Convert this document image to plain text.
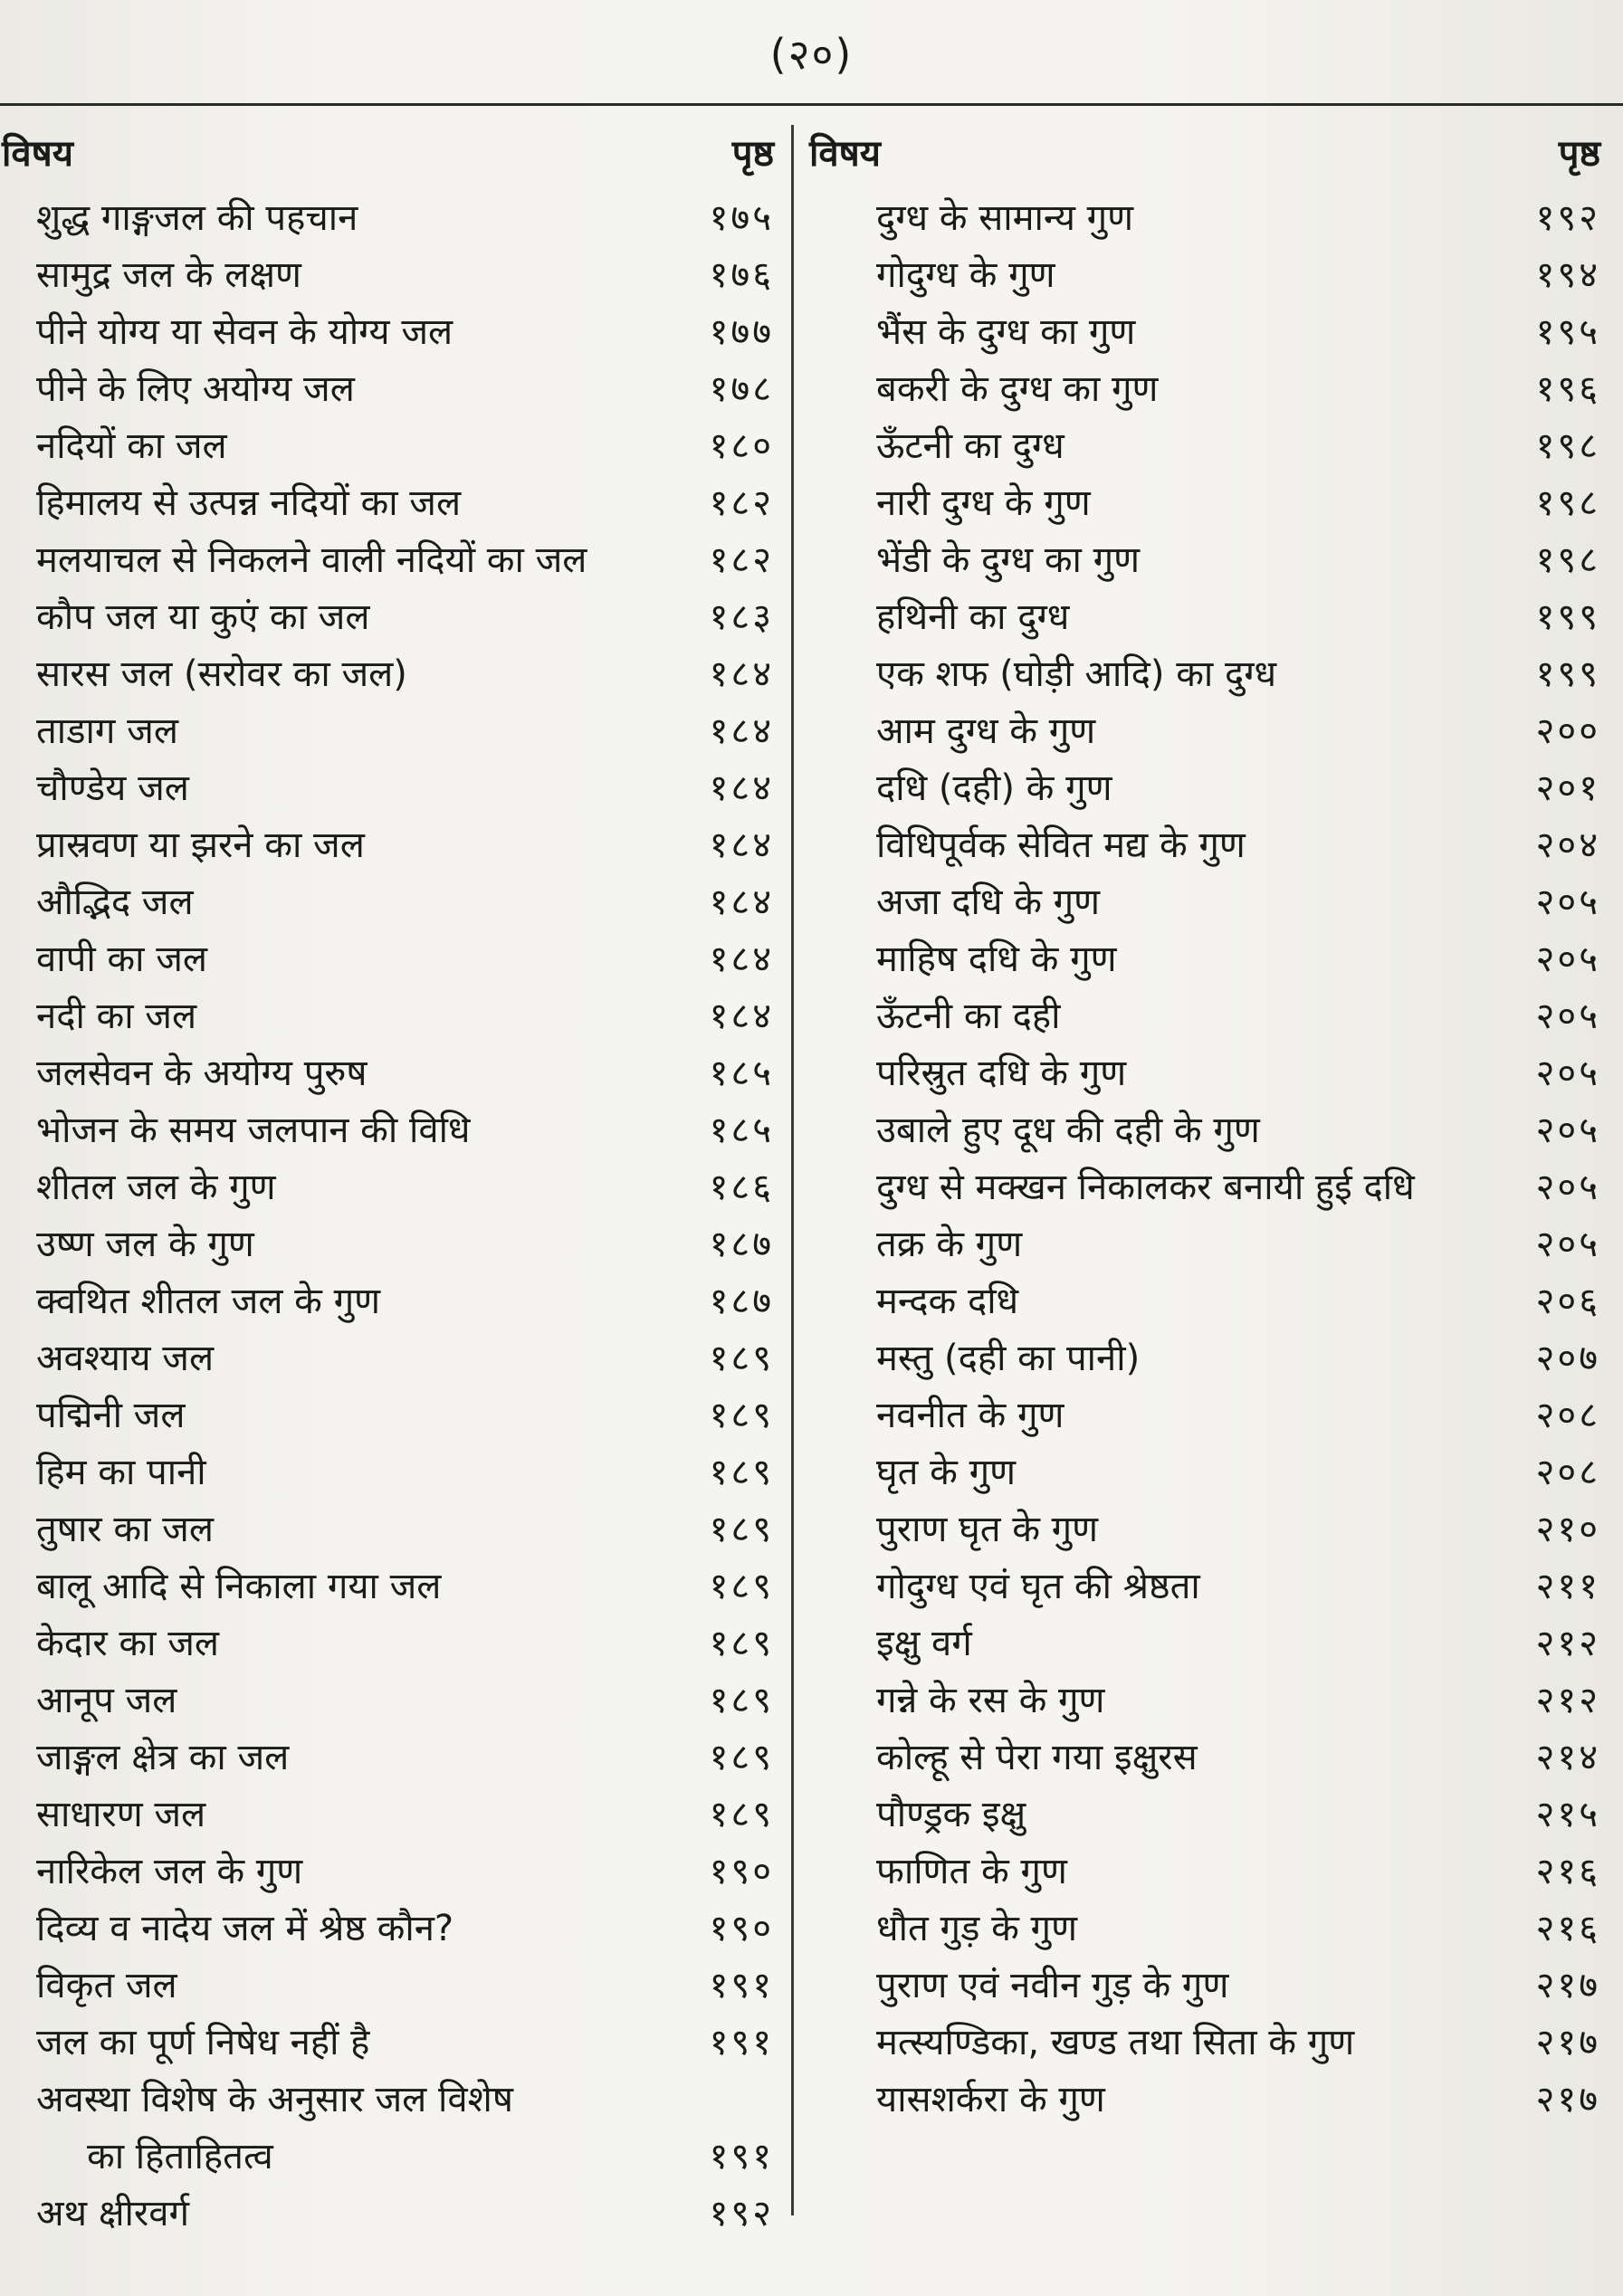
(२०)
विषय	पृष्ठ
शुद्ध गाङ्गजल की पहचान	१७५
सामुद्र जल के लक्षण	१७६
पीने योग्य या सेवन के योग्य जल	१७७
पीने के लिए अयोग्य जल	१७८
नदियों का जल	१८०
हिमालय से उत्पन्न नदियों का जल	१८२
मलयाचल से निकलने वाली नदियों का जल	१८२
कौप जल या कुएं का जल	१८३
सारस जल (सरोवर का जल)	१८४
ताडाग जल	१८४
चौण्डेय जल	१८४
प्रास्रवण या झरने का जल	१८४
औद्भिद जल	१८४
वापी का जल	१८४
नदी का जल	१८४
जलसेवन के अयोग्य पुरुष	१८५
भोजन के समय जलपान की विधि	१८५
शीतल जल के गुण	१८६
उष्ण जल के गुण	१८७
क्वथित शीतल जल के गुण	१८७
अवश्याय जल	१८९
पद्मिनी जल	१८९
हिम का पानी	१८९
तुषार का जल	१८९
बालू आदि से निकाला गया जल	१८९
केदार का जल	१८९
आनूप जल	१८९
जाङ्गल क्षेत्र का जल	१८९
साधारण जल	१८९
नारिकेल जल के गुण	१९०
दिव्य व नादेय जल में श्रेष्ठ कौन?	१९०
विकृत जल	१९१
जल का पूर्ण निषेध नहीं है	१९१
अवस्था विशेष के अनुसार जल विशेष
का हिताहितत्व	१९१
अथ क्षीरवर्ग	१९२
विषय	पृष्ठ
दुग्ध के सामान्य गुण	१९२
गोदुग्ध के गुण	१९४
भैंस के दुग्ध का गुण	१९५
बकरी के दुग्ध का गुण	१९६
ऊँटनी का दुग्ध	१९८
नारी दुग्ध के गुण	१९८
भेंडी के दुग्ध का गुण	१९८
हथिनी का दुग्ध	१९९
एक शफ (घोड़ी आदि) का दुग्ध	१९९
आम दुग्ध के गुण	२००
दधि (दही) के गुण	२०१
विधिपूर्वक सेवित मद्य के गुण	२०४
अजा दधि के गुण	२०५
माहिष दधि के गुण	२०५
ऊँटनी का दही	२०५
परिस्रुत दधि के गुण	२०५
उबाले हुए दूध की दही के गुण	२०५
दुग्ध से मक्खन निकालकर बनायी हुई दधि	२०५
तक्र के गुण	२०५
मन्दक दधि	२०६
मस्तु (दही का पानी)	२०७
नवनीत के गुण	२०८
घृत के गुण	२०८
पुराण घृत के गुण	२१०
गोदुग्ध एवं घृत की श्रेष्ठता	२११
इक्षु वर्ग	२१२
गन्ने के रस के गुण	२१२
कोल्हू से पेरा गया इक्षुरस	२१४
पौण्ड्रक इक्षु	२१५
फाणित के गुण	२१६
धौत गुड़ के गुण	२१६
पुराण एवं नवीन गुड़ के गुण	२१७
मत्स्यण्डिका, खण्ड तथा सिता के गुण	२१७
यासशर्करा के गुण	२१७
